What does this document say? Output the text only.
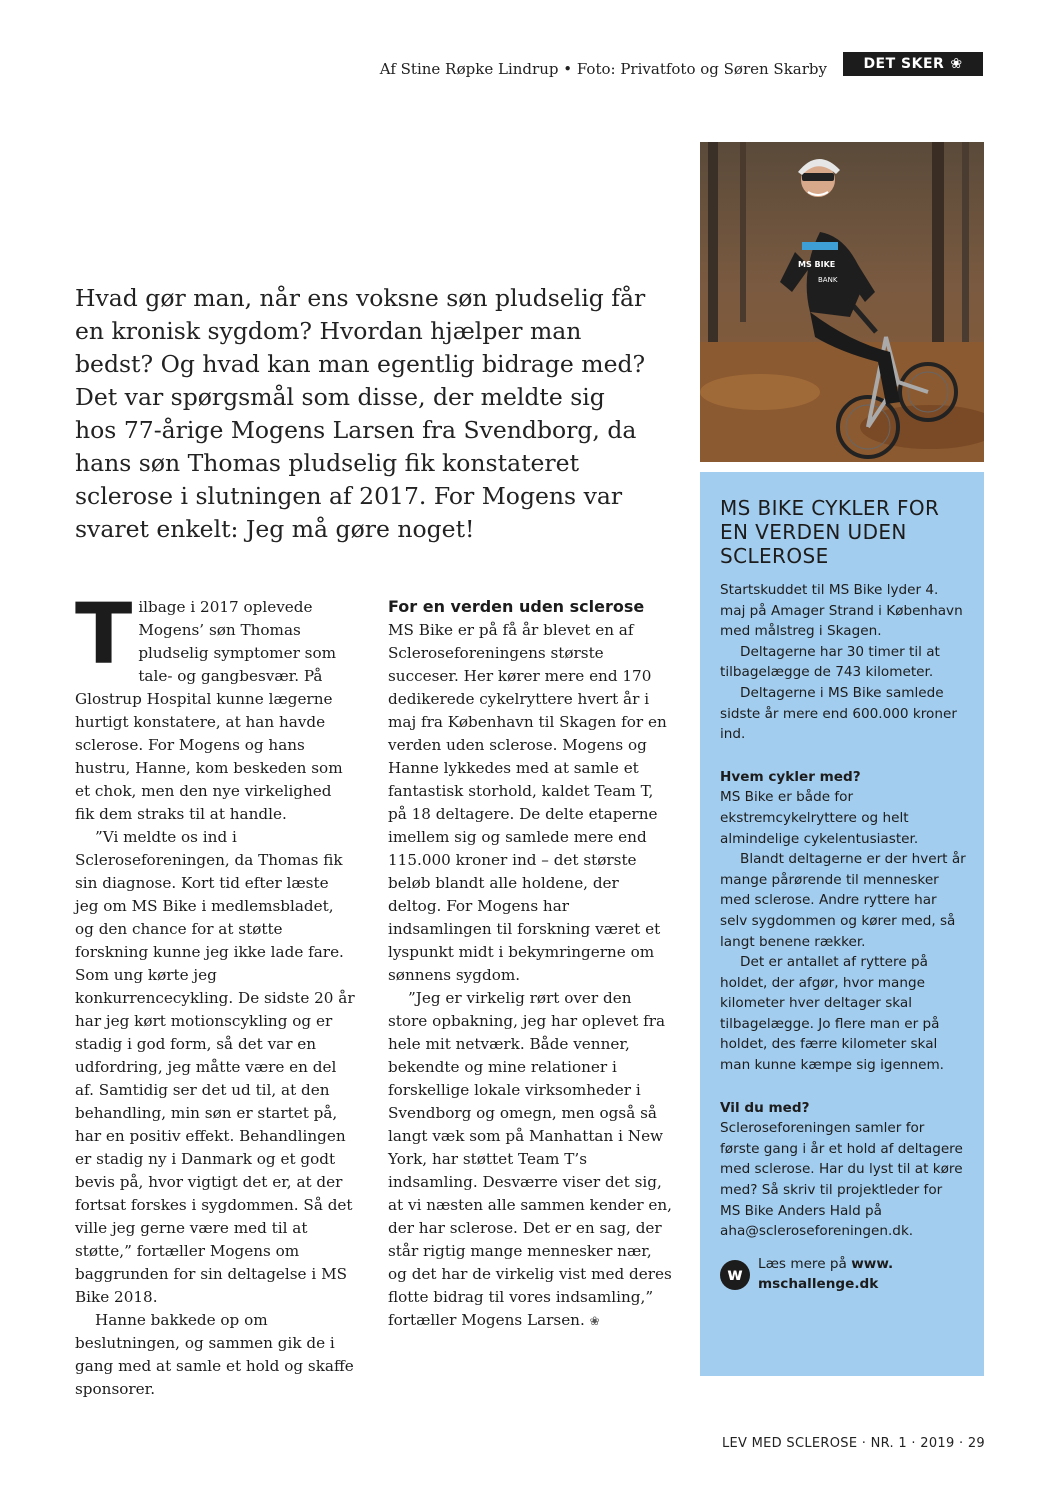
Af Stine Røpke Lindrup • Foto: Privatfoto og Søren Skarby	DET SKER ❀
MS BIKE
BANK

Hvad gør man, når ens voksne søn pludselig får en kronisk sygdom? Hvordan hjælper man bedst? Og hvad kan man egentlig bidrage med? Det var spørgsmål som disse, der meldte sig hos 77-årige Mogens Larsen fra Svendborg, da hans søn Thomas pludselig fik konstateret sclerose i slutningen af 2017. For Mogens var svaret enkelt: Jeg må gøre noget!

Tilbage i 2017 oplevede Mogens’ søn Thomas pludselig symptomer som tale- og gangbesvær. På Glostrup Hospital kunne lægerne hurtigt konstatere, at han havde sclerose. For Mogens og hans hustru, Hanne, kom beskeden som et chok, men den nye virkelighed fik dem straks til at handle.

”Vi meldte os ind i Scleroseforeningen, da Thomas fik sin diagnose. Kort tid efter læste jeg om MS Bike i medlemsbladet, og den chance for at støtte forskning kunne jeg ikke lade fare. Som ung kørte jeg konkurrencecykling. De sidste 20 år har jeg kørt motionscykling og er stadig i god form, så det var en udfordring, jeg måtte være en del af. Samtidig ser det ud til, at den behandling, min søn er startet på, har en positiv effekt. Behandlingen er stadig ny i Danmark og et godt bevis på, hvor vigtigt det er, at der fortsat forskes i sygdommen. Så det ville jeg gerne være med til at støtte,” fortæller Mogens om baggrunden for sin deltagelse i MS Bike 2018.

Hanne bakkede op om beslutningen, og sammen gik de i gang med at samle et hold og skaffe sponsorer.

For en verden uden sclerose

MS Bike er på få år blevet en af Scleroseforeningens største succeser. Her kører mere end 170 dedikerede cykelryttere hvert år i maj fra København til Skagen for en verden uden sclerose. Mogens og Hanne lykkedes med at samle et fantastisk storhold, kaldet Team T, på 18 deltagere. De delte etaperne imellem sig og samlede mere end 115.000 kroner ind – det største beløb blandt alle holdene, der deltog. For Mogens har indsamlingen til forskning været et lyspunkt midt i bekymringerne om sønnens sygdom.

”Jeg er virkelig rørt over den store opbakning, jeg har oplevet fra hele mit netværk. Både venner, bekendte og mine relationer i forskellige lokale virksomheder i Svendborg og omegn, men også så langt væk som på Manhattan i New York, har støttet Team T’s indsamling. Desværre viser det sig, at vi næsten alle sammen kender en, der har sclerose. Det er en sag, der står rigtig mange mennesker nær, og det har de virkelig vist med deres flotte bidrag til vores indsamling,” fortæller Mogens Larsen. ❀

MS BIKE CYKLER FOR EN VERDEN UDEN SCLEROSE

Startskuddet til MS Bike lyder 4. maj på Amager Strand i København med målstreg i Skagen.

Deltagerne har 30 timer til at tilbagelægge de 743 kilometer.

Deltagerne i MS Bike samlede sidste år mere end 600.000 kroner ind.

Hvem cykler med?

MS Bike er både for ekstremcykelryttere og helt almindelige cykelentusiaster.

Blandt deltagerne er der hvert år mange pårørende til mennesker med sclerose. Andre ryttere har selv sygdommen og kører med, så langt benene rækker.

Det er antallet af ryttere på holdet, der afgør, hvor mange kilometer hver deltager skal tilbagelægge. Jo flere man er på holdet, des færre kilometer skal man kunne kæmpe sig igennem.

Vil du med?

Scleroseforeningen samler for første gang i år et hold af deltagere med sclerose. Har du lyst til at køre med? Så skriv til projektleder for MS Bike Anders Hald på aha@scleroseforeningen.dk.

w
Læs mere på www. mschallenge.dk
LEV MED SCLEROSE · NR. 1 · 2019 · 29
